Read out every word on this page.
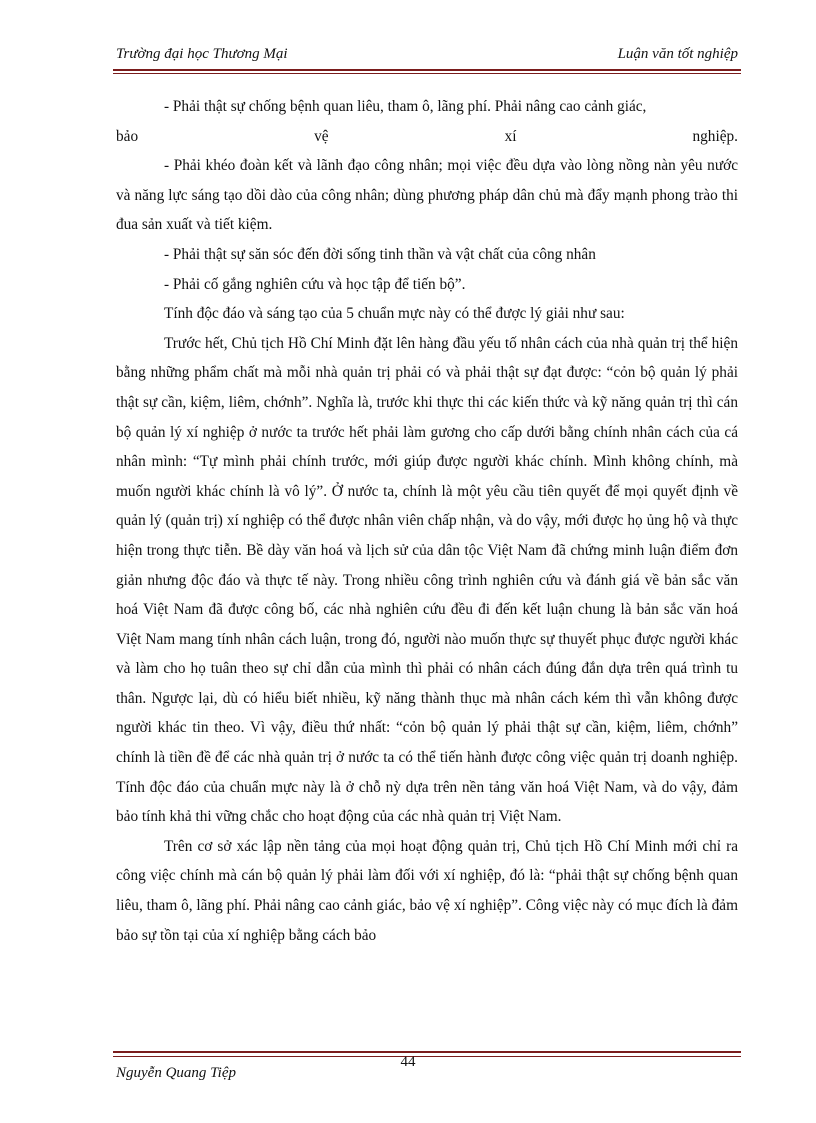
Trường đại học Thương Mại	Luận văn tốt nghiệp

- Phải thật sự chống bệnh quan liêu, tham ô, lãng phí. Phải nâng cao cảnh giác,

bảo	vệ	xí	nghiệp.

- Phải khéo đoàn kết và lãnh đạo công nhân; mọi việc đều dựa vào lòng nồng nàn yêu nước và năng lực sáng tạo dồi dào của công nhân; dùng phương pháp dân chủ mà đẩy mạnh phong trào thi đua sản xuất và tiết kiệm.

- Phải thật sự săn sóc đến đời sống tinh thần và vật chất của công nhân

- Phải cố gắng nghiên cứu và học tập để tiến bộ”.

Tính độc đáo và sáng tạo của 5 chuẩn mực này có thể được lý giải như sau:

Trước hết, Chủ tịch Hồ Chí Minh đặt lên hàng đầu yếu tố nhân cách của nhà quản trị thể hiện bằng những phẩm chất mà mỗi nhà quản trị phải có và phải thật sự đạt được: “cỏn bộ quản lý phải thật sự cần, kiệm, liêm, chớnh”. Nghĩa là, trước khi thực thi các kiến thức và kỹ năng quản trị thì cán bộ quản lý xí nghiệp ở nước ta trước hết phải làm gương cho cấp dưới bằng chính nhân cách của cá nhân mình: “Tự mình phải chính trước, mới giúp được người khác chính. Mình không chính, mà muốn người khác chính là vô lý”. Ở nước ta, chính là một yêu cầu tiên quyết để mọi quyết định về quản lý (quản trị) xí nghiệp có thể được nhân viên chấp nhận, và do vậy, mới được họ ủng hộ và thực hiện trong thực tiễn. Bề dày văn hoá và lịch sử của dân tộc Việt Nam đã chứng minh luận điểm đơn giản nhưng độc đáo và thực tế này. Trong nhiều công trình nghiên cứu và đánh giá về bản sắc văn hoá Việt Nam đã được công bố, các nhà nghiên cứu đều đi đến kết luận chung là bản sắc văn hoá Việt Nam mang tính nhân cách luận, trong đó, người nào muốn thực sự thuyết phục được người khác và làm cho họ tuân theo sự chỉ dẫn của mình thì phải có nhân cách đúng đắn dựa trên quá trình tu thân. Ngược lại, dù có hiểu biết nhiều, kỹ năng thành thục mà nhân cách kém thì vẫn không được người khác tin theo. Vì vậy, điều thứ nhất: “cỏn bộ quản lý phải thật sự cần, kiệm, liêm, chớnh” chính là tiền đề để các nhà quản trị ở nước ta có thể tiến hành được công việc quản trị doanh nghiệp. Tính độc đáo của chuẩn mực này là ở chỗ nỳ dựa trên nền tảng văn hoá Việt Nam, và do vậy, đảm bảo tính khả thi vững chắc cho hoạt động của các nhà quản trị Việt Nam.

Trên cơ sở xác lập nền tảng của mọi hoạt động quản trị, Chủ tịch Hồ Chí Minh mới chỉ ra công việc chính mà cán bộ quản lý phải làm đối với xí nghiệp, đó là: “phải thật sự chống bệnh quan liêu, tham ô, lãng phí. Phải nâng cao cảnh giác, bảo vệ xí nghiệp”. Công việc này có mục đích là đảm bảo sự tồn tại của xí nghiệp bằng cách bảo

44
Nguyễn Quang Tiệp
